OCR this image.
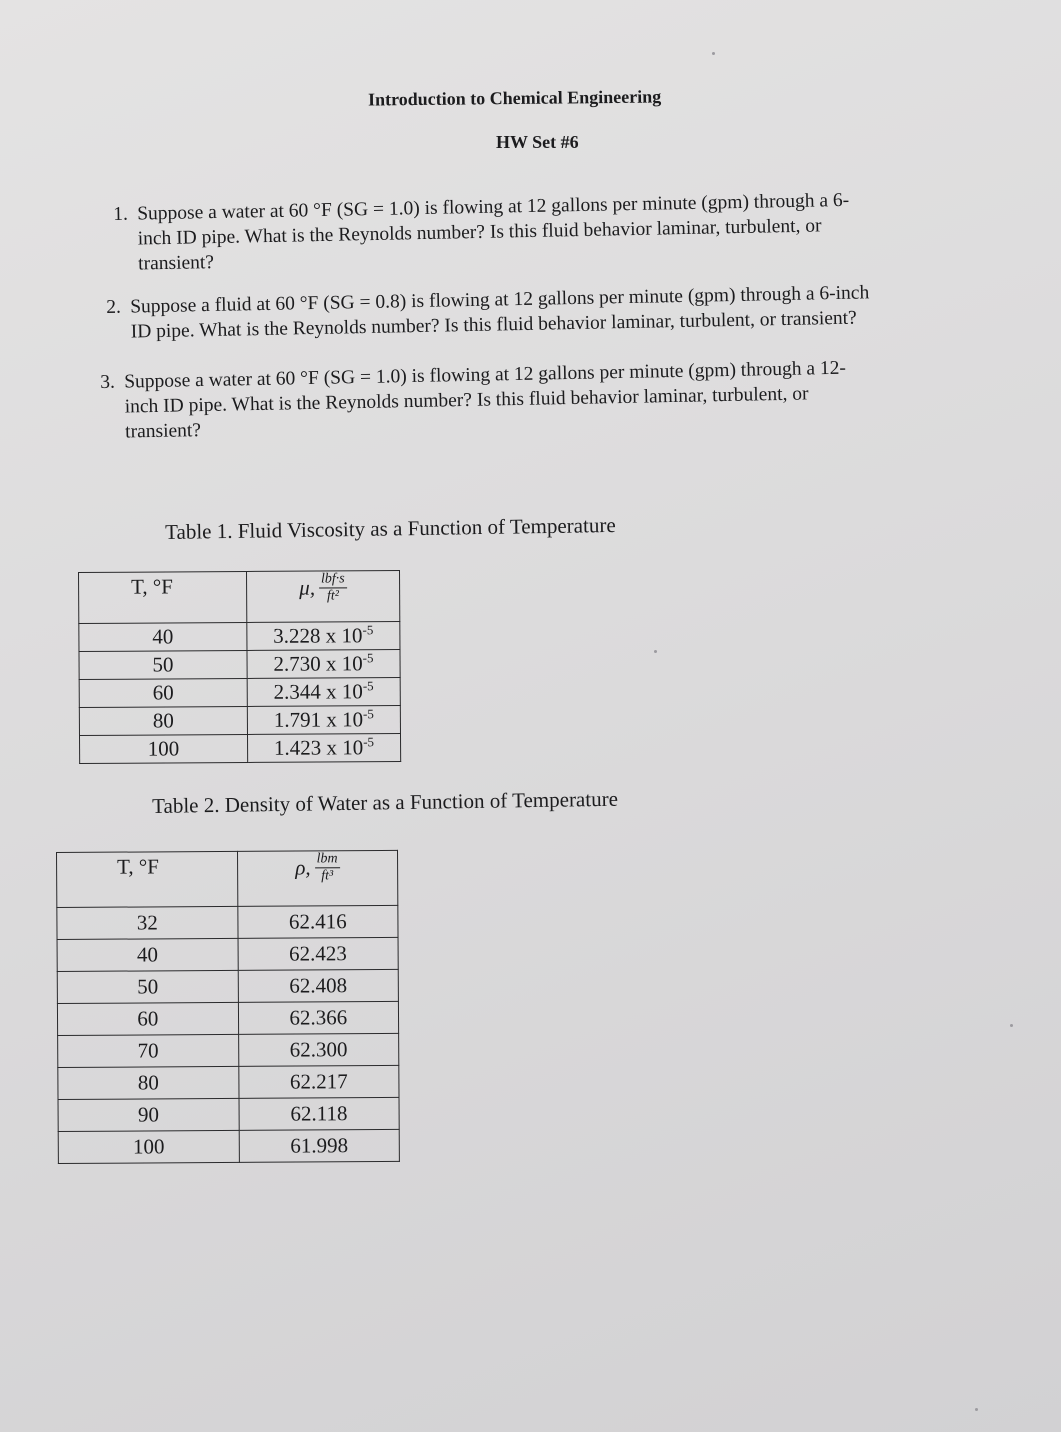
Introduction to Chemical Engineering
HW Set #6
1. Suppose a water at 60 °F (SG = 1.0) is flowing at 12 gallons per minute (gpm) through a 6-
inch ID pipe. What is the Reynolds number? Is this fluid behavior laminar, turbulent, or
transient?
2. Suppose a fluid at 60 °F (SG = 0.8) is flowing at 12 gallons per minute (gpm) through a 6-inch
ID pipe. What is the Reynolds number? Is this fluid behavior laminar, turbulent, or transient?
3. Suppose a water at 60 °F (SG = 1.0) is flowing at 12 gallons per minute (gpm) through a 12-
inch ID pipe. What is the Reynolds number? Is this fluid behavior laminar, turbulent, or
transient?
Table 1. Fluid Viscosity as a Function of Temperature
T, °F	μ, $\frac{\text{lbf·s}}{\text{ft²}}$

40	3.228 x $10^{-5}$
50	2.730 x $10^{-5}$
60	2.344 x $10^{-5}$
80	1.791 x $10^{-5}$
100	1.423 x $10^{-5}$
Table 2. Density of Water as a Function of Temperature
T, °F	ρ, $\frac{\text{lbm}}{\text{ft³}}$

32	62.416
40	62.423
50	62.408
60	62.366
70	62.300
80	62.217
90	62.118
100	61.998
